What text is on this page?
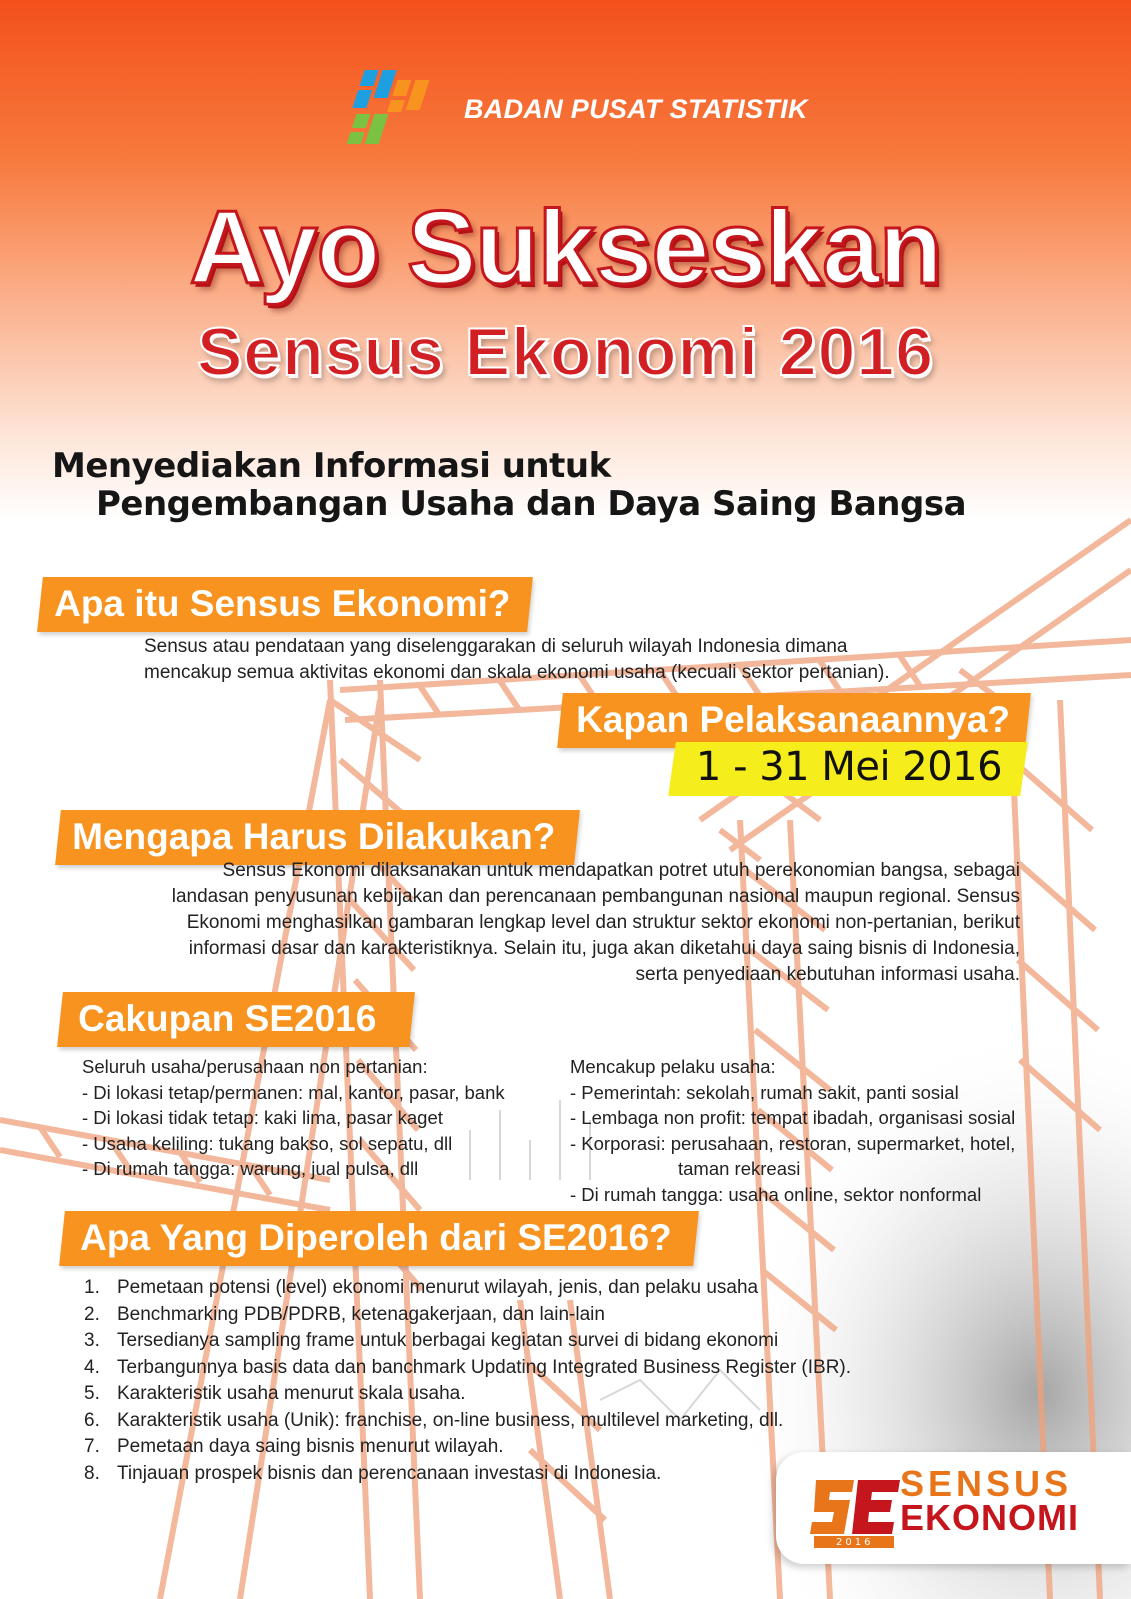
BADAN PUSAT STATISTIK
Ayo Sukseskan
Sensus Ekonomi 2016
Menyediakan Informasi untuk
Pengembangan Usaha dan Daya Saing Bangsa
Apa itu Sensus Ekonomi?
Sensus atau pendataan yang diselenggarakan di seluruh wilayah Indonesia dimana
mencakup semua aktivitas ekonomi dan skala ekonomi usaha (kecuali sektor pertanian).
Kapan Pelaksanaannya?
1 - 31 Mei 2016
Mengapa Harus Dilakukan?
Sensus Ekonomi dilaksanakan untuk mendapatkan potret utuh perekonomian bangsa, sebagai
landasan penyusunan kebijakan dan perencanaan pembangunan nasional maupun regional. Sensus
Ekonomi menghasilkan gambaran lengkap level dan struktur sektor ekonomi non-pertanian, berikut
informasi dasar dan karakteristiknya. Selain itu, juga akan diketahui daya saing bisnis di Indonesia,
serta penyediaan kebutuhan informasi usaha.
Cakupan SE2016
Seluruh usaha/perusahaan non pertanian:
- Di lokasi tetap/permanen: mal, kantor, pasar, bank
- Di lokasi tidak tetap: kaki lima, pasar kaget
- Usaha keliling: tukang bakso, sol sepatu, dll
- Di rumah tangga: warung, jual pulsa, dll
Mencakup pelaku usaha:
- Pemerintah: sekolah, rumah sakit, panti sosial
- Lembaga non profit: tempat ibadah, organisasi sosial
- Korporasi: perusahaan, restoran, supermarket, hotel,
taman rekreasi
- Di rumah tangga: usaha online, sektor nonformal
Apa Yang Diperoleh dari SE2016?
1. Pemetaan potensi (level) ekonomi menurut wilayah, jenis, dan pelaku usaha
2. Benchmarking PDB/PDRB, ketenagakerjaan, dan lain-lain
3. Tersedianya sampling frame untuk berbagai kegiatan survei di bidang ekonomi
4. Terbangunnya basis data dan banchmark Updating Integrated Business Register (IBR).
5. Karakteristik usaha menurut skala usaha.
6. Karakteristik usaha (Unik): franchise, on-line business, multilevel marketing, dll.
7. Pemetaan daya saing bisnis menurut wilayah.
8. Tinjauan prospek bisnis dan perencanaan investasi di Indonesia.
2016
SENSUS
EKONOMI
